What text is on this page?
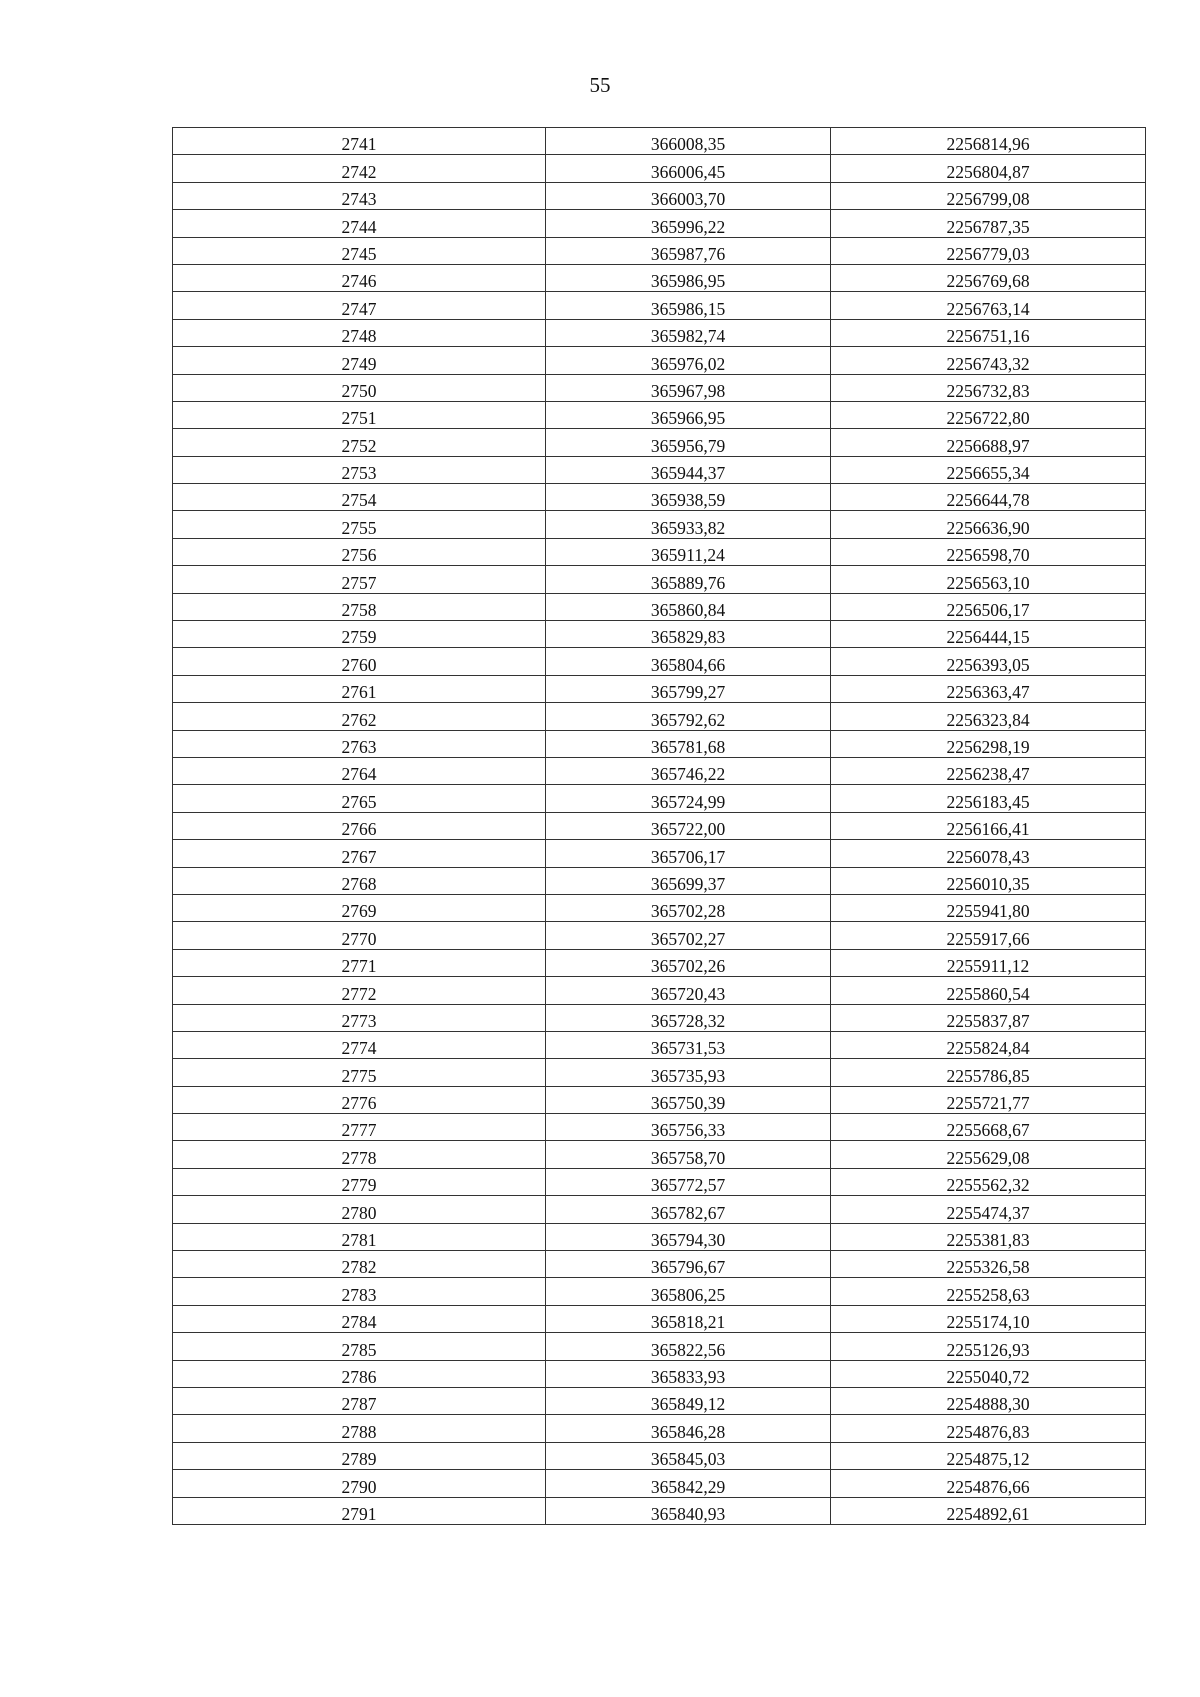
55
2741	366008,35	2256814,96
2742	366006,45	2256804,87
2743	366003,70	2256799,08
2744	365996,22	2256787,35
2745	365987,76	2256779,03
2746	365986,95	2256769,68
2747	365986,15	2256763,14
2748	365982,74	2256751,16
2749	365976,02	2256743,32
2750	365967,98	2256732,83
2751	365966,95	2256722,80
2752	365956,79	2256688,97
2753	365944,37	2256655,34
2754	365938,59	2256644,78
2755	365933,82	2256636,90
2756	365911,24	2256598,70
2757	365889,76	2256563,10
2758	365860,84	2256506,17
2759	365829,83	2256444,15
2760	365804,66	2256393,05
2761	365799,27	2256363,47
2762	365792,62	2256323,84
2763	365781,68	2256298,19
2764	365746,22	2256238,47
2765	365724,99	2256183,45
2766	365722,00	2256166,41
2767	365706,17	2256078,43
2768	365699,37	2256010,35
2769	365702,28	2255941,80
2770	365702,27	2255917,66
2771	365702,26	2255911,12
2772	365720,43	2255860,54
2773	365728,32	2255837,87
2774	365731,53	2255824,84
2775	365735,93	2255786,85
2776	365750,39	2255721,77
2777	365756,33	2255668,67
2778	365758,70	2255629,08
2779	365772,57	2255562,32
2780	365782,67	2255474,37
2781	365794,30	2255381,83
2782	365796,67	2255326,58
2783	365806,25	2255258,63
2784	365818,21	2255174,10
2785	365822,56	2255126,93
2786	365833,93	2255040,72
2787	365849,12	2254888,30
2788	365846,28	2254876,83
2789	365845,03	2254875,12
2790	365842,29	2254876,66
2791	365840,93	2254892,61
